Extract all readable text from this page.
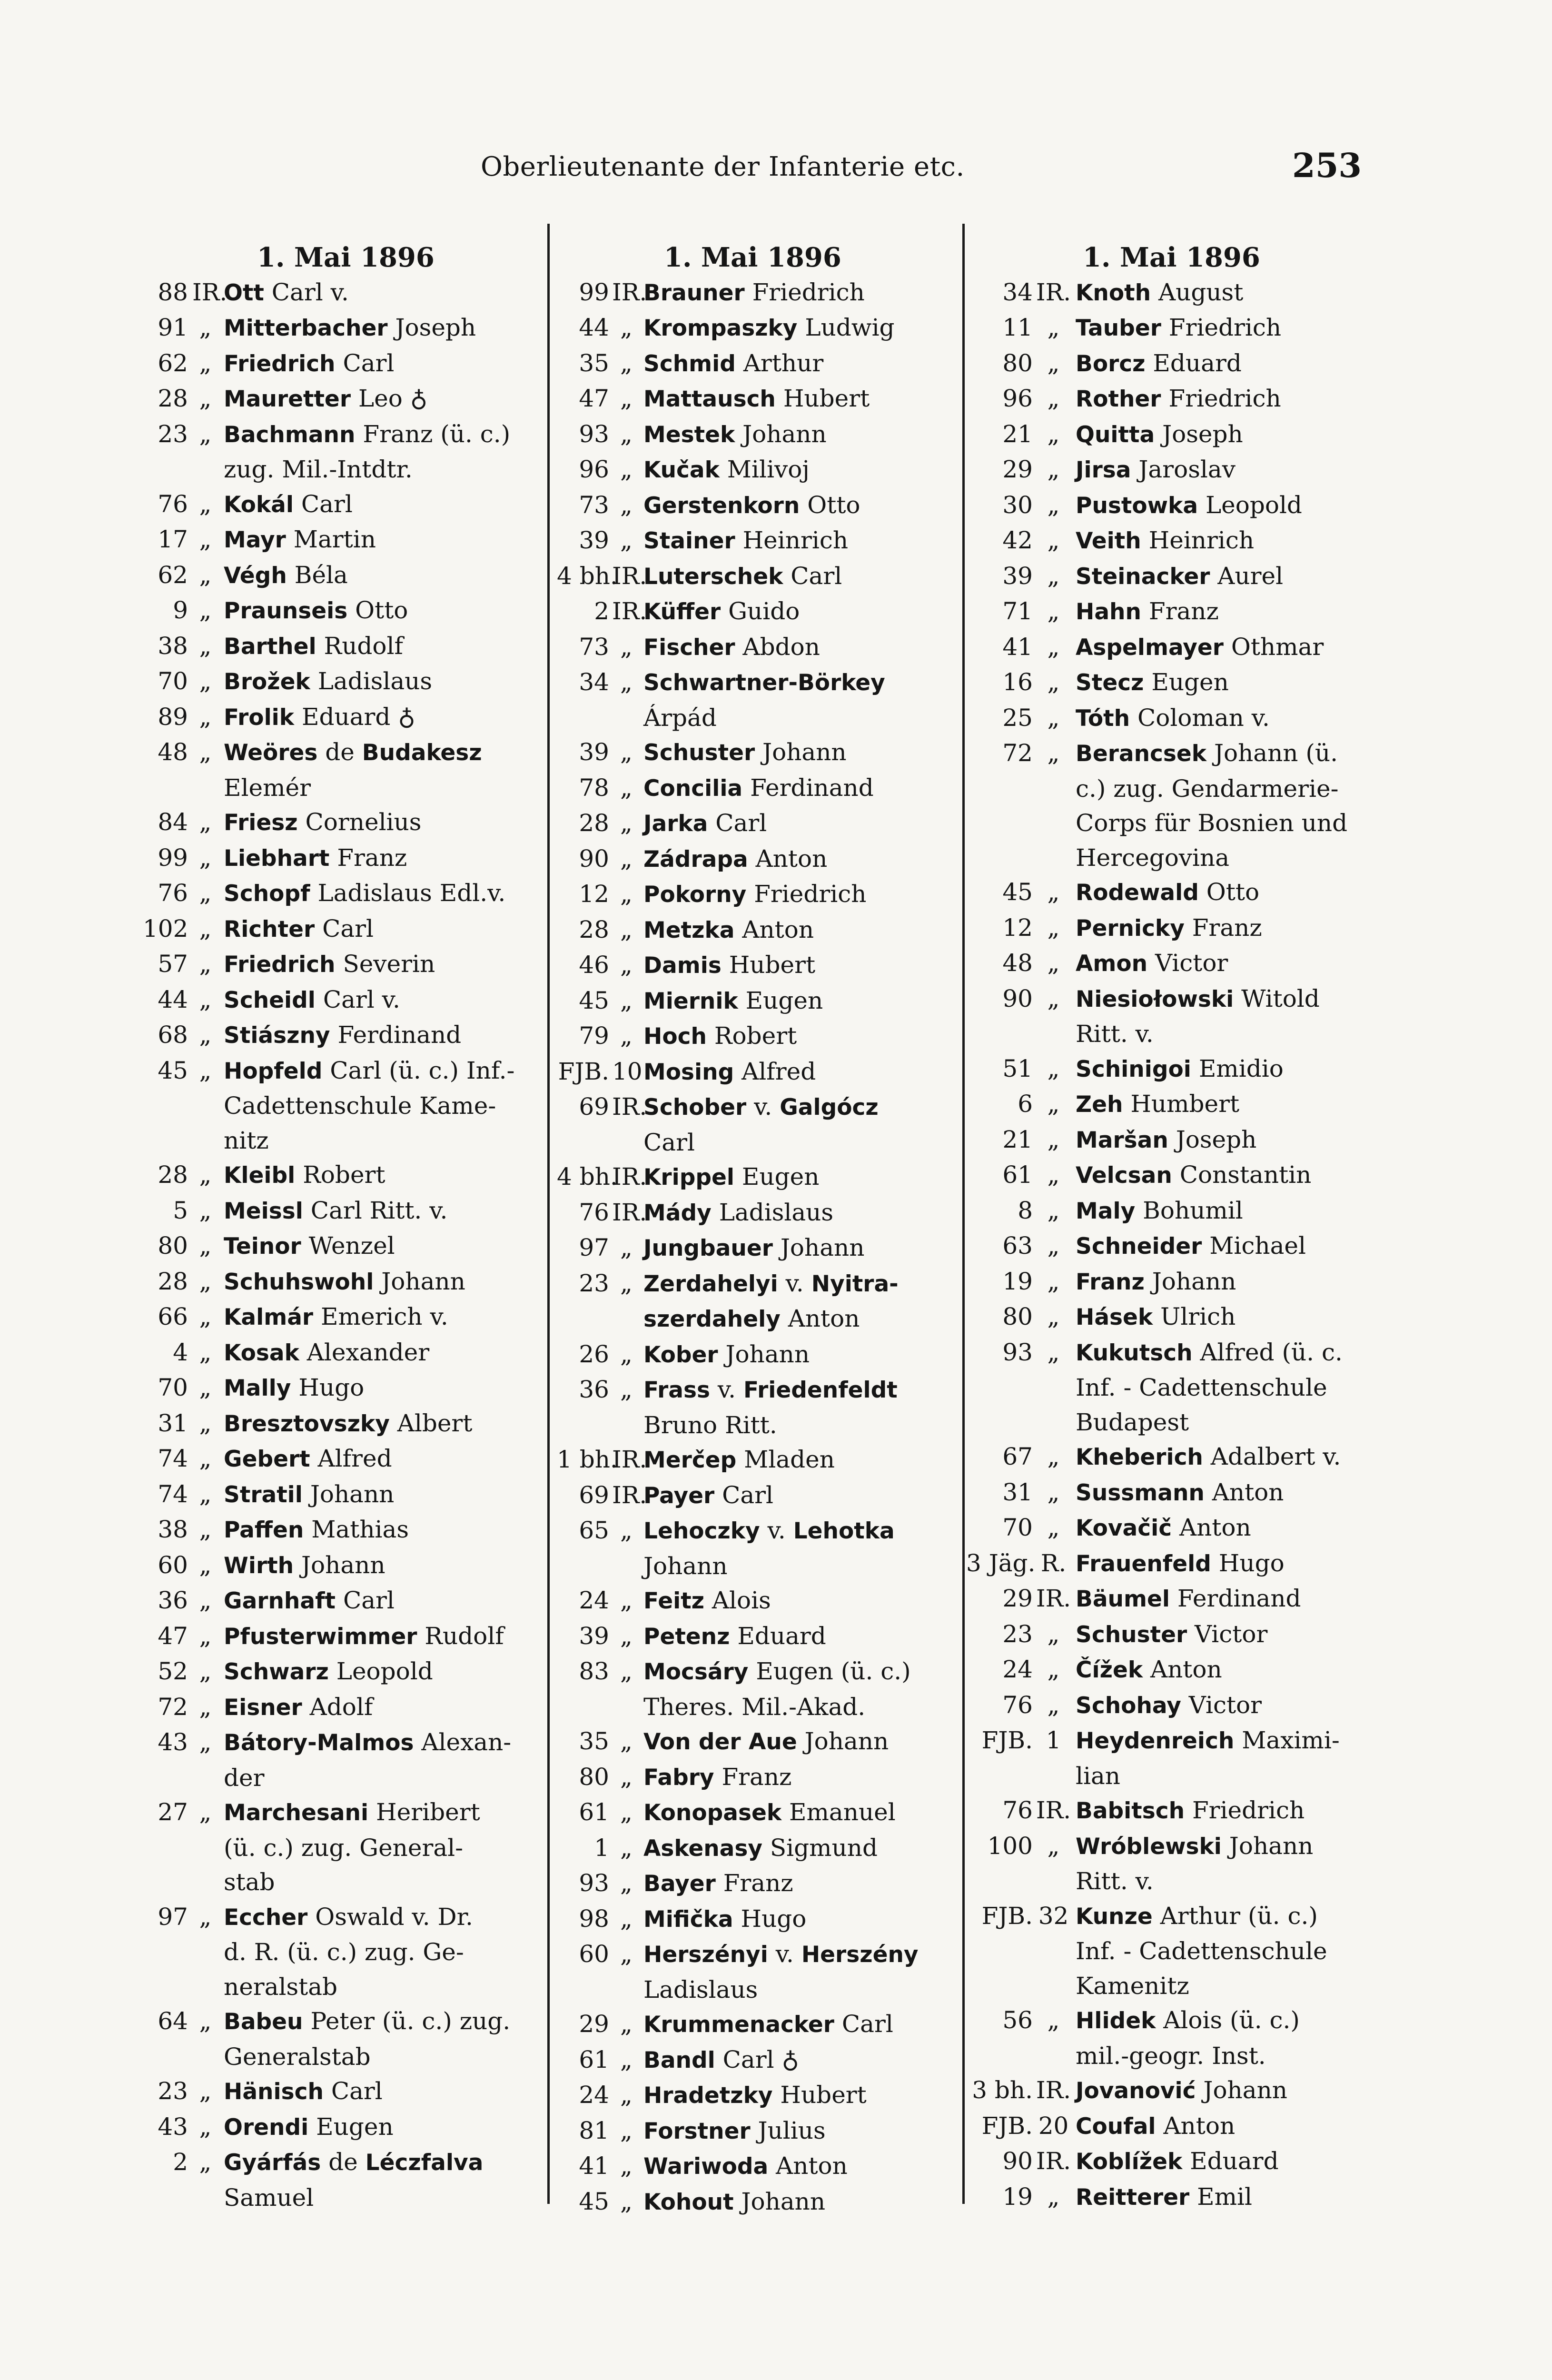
Oberlieutenante der Infanterie etc.	253
1. Mai 1896
88 IR.
Ott Carl v.
91 „ Mitterbacher Joseph
62 „ Friedrich Carl
28 „ Mauretter Leo ♁
23 „ Bachmann Franz (ü. c.)
zug. Mil.-Intdtr.
76 „ Kokál Carl
17 „ Mayr Martin
62 „ Végh Béla
9 „ Praunseis Otto
38 „ Barthel Rudolf
70 „ Brožek Ladislaus
89 „ Frolik Eduard ♁
48 „ Weöres de Budakesz
Elemér
84 „ Friesz Cornelius
99 „ Liebhart Franz
76 „ Schopf Ladislaus Edl.v.
102 „ Richter Carl
57 „ Friedrich Severin
44 „ Scheidl Carl v.
68 „ Stiászny Ferdinand
45 „ Hopfeld Carl (ü. c.) Inf.-
Cadettenschule Kame-
nitz
28 „ Kleibl Robert
5 „ Meissl Carl Ritt. v.
80 „ Teinor Wenzel
28 „ Schuhswohl Johann
66 „ Kalmár Emerich v.
4 „ Kosak Alexander
70 „ Mally Hugo
31 „ Bresztovszky Albert
74 „ Gebert Alfred
74 „ Stratil Johann
38 „ Paffen Mathias
60 „ Wirth Johann
36 „ Garnhaft Carl
47 „ Pfusterwimmer Rudolf
52 „ Schwarz Leopold
72 „ Eisner Adolf
43 „ Bátory-Malmos Alexan-
der
27 „ Marchesani Heribert
(ü. c.) zug. General-
stab
97 „ Eccher Oswald v. Dr.
d. R. (ü. c.) zug. Ge-
neralstab
64 „ Babeu Peter (ü. c.) zug.
Generalstab
23 „ Hänisch Carl
43 „ Orendi Eugen
2 „ Gyárfás de Léczfalva
Samuel
1. Mai 1896
99 IR.
Brauner Friedrich
44 „ Krompaszky Ludwig
35 „ Schmid Arthur
47 „ Mattausch Hubert
93 „ Mestek Johann
96 „ Kučak Milivoj
73 „ Gerstenkorn Otto
39 „ Stainer Heinrich
4 bh.
IR.
Luterschek Carl
2 IR.
Küffer Guido
73 „ Fischer Abdon
34 „ Schwartner-Börkey
Árpád
39 „ Schuster Johann
78 „ Concilia Ferdinand
28 „ Jarka Carl
90 „ Zádrapa Anton
12 „ Pokorny Friedrich
28 „ Metzka Anton
46 „ Damis Hubert
45 „ Miernik Eugen
79 „ Hoch Robert
FJB. 10 Mosing Alfred
69 IR.
Schober v. Galgócz
Carl
4 bh.
IR.
Krippel Eugen
76 IR.
Mády Ladislaus
97 „ Jungbauer Johann
23 „ Zerdahelyi v. Nyitra-
szerdahely Anton
26 „ Kober Johann
36 „ Frass v. Friedenfeldt
Bruno Ritt.
1 bh.
IR.
Merčep Mladen
69 IR.
Payer Carl
65 „ Lehoczky v. Lehotka
Johann
24 „ Feitz Alois
39 „ Petenz Eduard
83 „ Mocsáry Eugen (ü. c.)
Theres. Mil.-Akad.
35 „ Von der Aue Johann
80 „ Fabry Franz
61 „ Konopasek Emanuel
1 „ Askenasy Sigmund
93 „ Bayer Franz
98 „ Mifička Hugo
60 „ Herszényi v. Herszény
Ladislaus
29 „ Krummenacker Carl
61 „ Bandl Carl ♁
24 „ Hradetzky Hubert
81 „ Forstner Julius
41 „ Wariwoda Anton
45 „ Kohout Johann
1. Mai 1896
34 IR. Knoth August
11 „ Tauber Friedrich
80 „ Borcz Eduard
96 „ Rother Friedrich
21 „ Quitta Joseph
29 „ Jirsa Jaroslav
30 „ Pustowka Leopold
42 „ Veith Heinrich
39 „ Steinacker Aurel
71 „ Hahn Franz
41 „ Aspelmayer Othmar
16 „ Stecz Eugen
25 „ Tóth Coloman v.
72 „ Berancsek Johann (ü.
c.) zug. Gendarmerie-
Corps für Bosnien und
Hercegovina
45 „ Rodewald Otto
12 „ Pernicky Franz
48 „ Amon Victor
90 „ Niesiołowski Witold
Ritt. v.
51 „ Schinigoi Emidio
6 „ Zeh Humbert
21 „ Maršan Joseph
61 „ Velcsan Constantin
8 „ Maly Bohumil
63 „ Schneider Michael
19 „ Franz Johann
80 „ Hásek Ulrich
93 „ Kukutsch Alfred (ü. c.
Inf. - Cadettenschule
Budapest
67 „ Kheberich Adalbert v.
31 „ Sussmann Anton
70 „ Kovačič Anton
3 Jäg. R. Frauenfeld Hugo
29 IR. Bäumel Ferdinand
23 „ Schuster Victor
24 „ Čížek Anton
76 „ Schohay Victor
FJB. 1 Heydenreich Maximi-
lian
76 IR. Babitsch Friedrich
100 „ Wróblewski Johann
Ritt. v.
FJB. 32 Kunze Arthur (ü. c.)
Inf. - Cadettenschule
Kamenitz
56 „ Hlidek Alois (ü. c.)
mil.-geogr. Inst.
3 bh. IR. Jovanović Johann
FJB. 20 Coufal Anton
90 IR. Koblížek Eduard
19 „ Reitterer Emil
